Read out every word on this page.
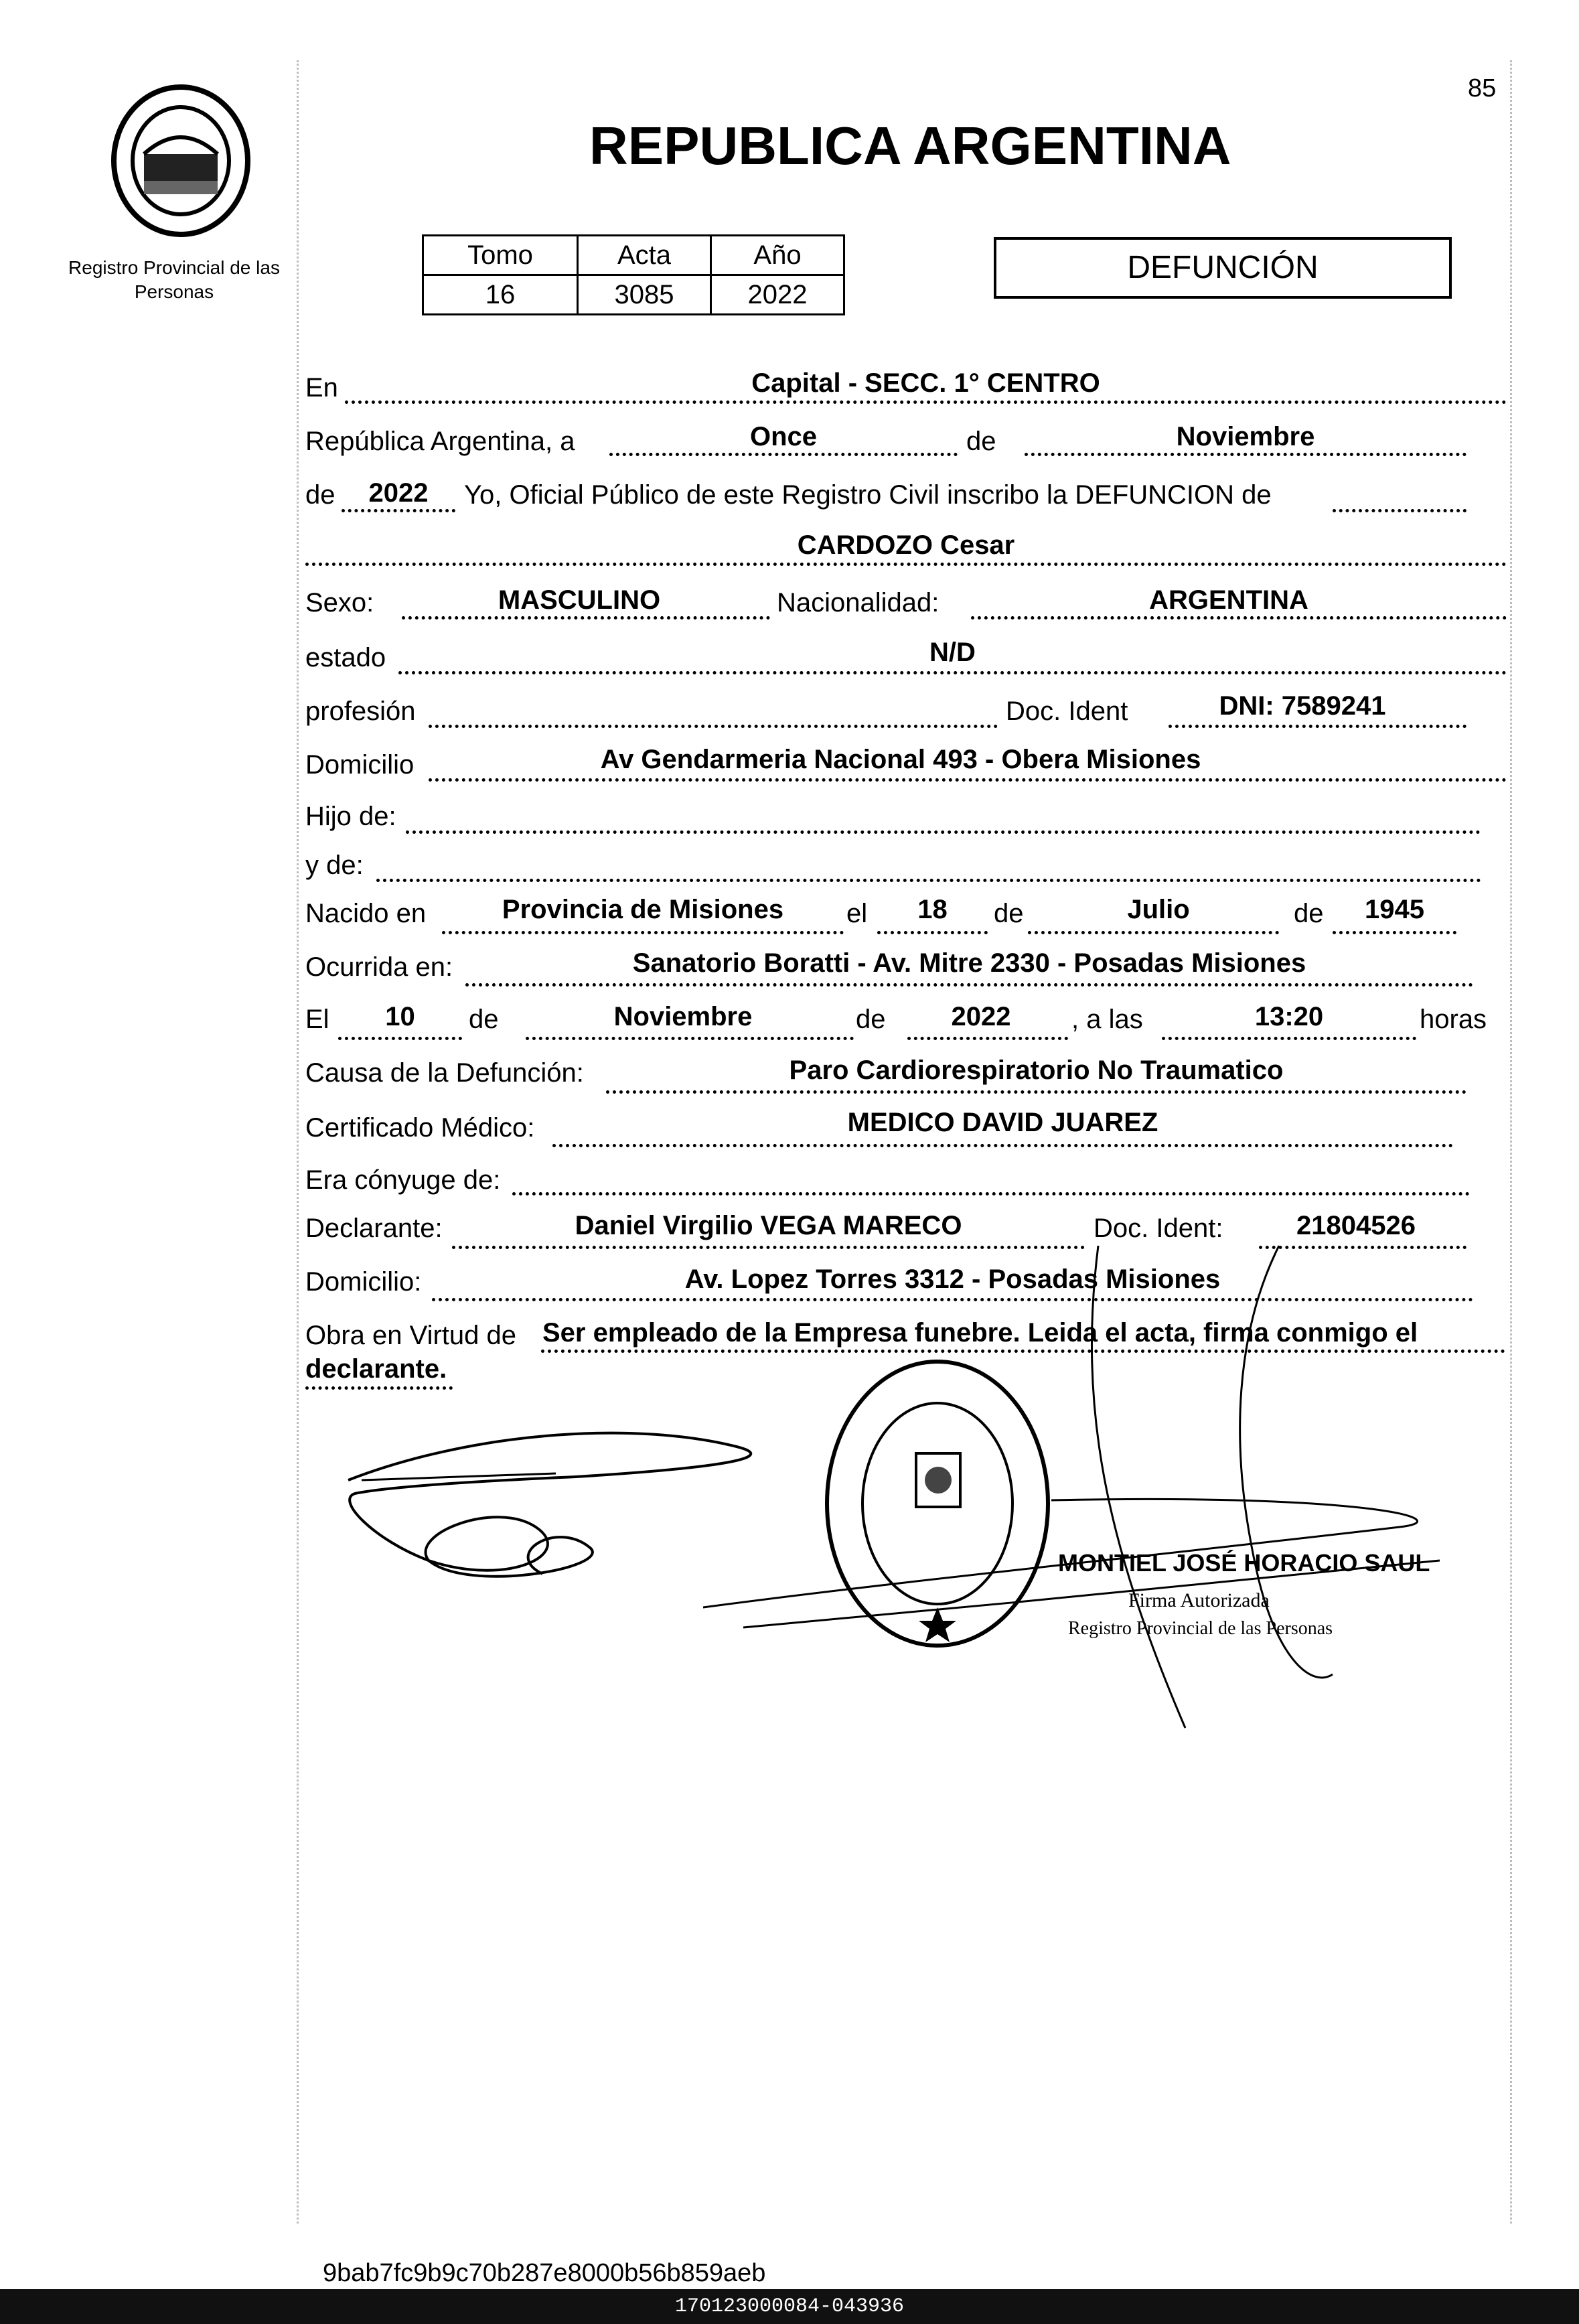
85
Registro Provincial de las Personas
REPUBLICA ARGENTINA
Tomo	Acta	Año
16	3085	2022
DEFUNCIÓN
En	Capital - SECC. 1° CENTRO
República Argentina, a	Once	de	Noviembre
de	2022	Yo, Oficial Público de este Registro Civil inscribo la DEFUNCION de
CARDOZO Cesar
Sexo:	MASCULINO	Nacionalidad:	ARGENTINA
estado	N/D
profesión	Doc. Ident	DNI: 7589241
Domicilio	Av Gendarmeria Nacional 493 - Obera Misiones
Hijo de:
y de:
Nacido en	Provincia de Misiones	el	18	de	Julio	de	1945
Ocurrida en:	Sanatorio Boratti - Av. Mitre 2330 - Posadas Misiones
El	10	de	Noviembre	de	2022	, a las	13:20	horas
Causa de la Defunción:	Paro Cardiorespiratorio No Traumatico
Certificado Médico:	MEDICO DAVID JUAREZ
Era cónyuge de:
Declarante:	Daniel Virgilio VEGA MARECO	Doc. Ident:	21804526
Domicilio:	Av. Lopez Torres 3312 - Posadas Misiones
Obra en Virtud de Ser empleado de la Empresa funebre. Leida el acta, firma conmigo el
declarante.
MONTIEL JOSÉ HORACIO SAUL
Firma Autorizada
Registro Provincial de las Personas
9bab7fc9b9c70b287e8000b56b859aeb
170123000084-043936
